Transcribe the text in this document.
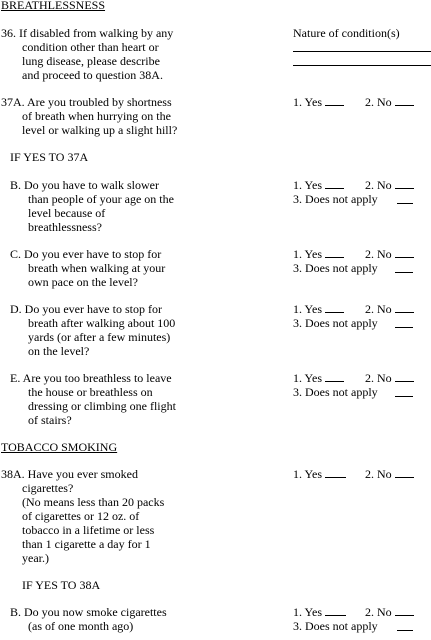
BREATHLESSNESS
36. If disabled from walking by any
condition other than heart or
lung disease, please describe
and proceed to question 38A.
Nature of condition(s)
37A. Are you troubled by shortness
of breath when hurrying on the
level or walking up a slight hill?
1. Yes	2. No
IF YES TO 37A
B. Do you have to walk slower
than people of your age on the
level because of
breathlessness?
1. Yes	2. No
3. Does not apply
C. Do you ever have to stop for
breath when walking at your
own pace on the level?
1. Yes	2. No
3. Does not apply
D. Do you ever have to stop for
breath after walking about 100
yards (or after a few minutes)
on the level?
1. Yes	2. No
3. Does not apply
E. Are you too breathless to leave
the house or breathless on
dressing or climbing one flight
of stairs?
1. Yes	2. No
3. Does not apply
TOBACCO SMOKING
38A. Have you ever smoked
cigarettes?
(No means less than 20 packs
of cigarettes or 12 oz. of
tobacco in a lifetime or less
than 1 cigarette a day for 1
year.)
1. Yes	2. No
IF YES TO 38A
B. Do you now smoke cigarettes
(as of one month ago)
1. Yes	2. No
3. Does not apply
